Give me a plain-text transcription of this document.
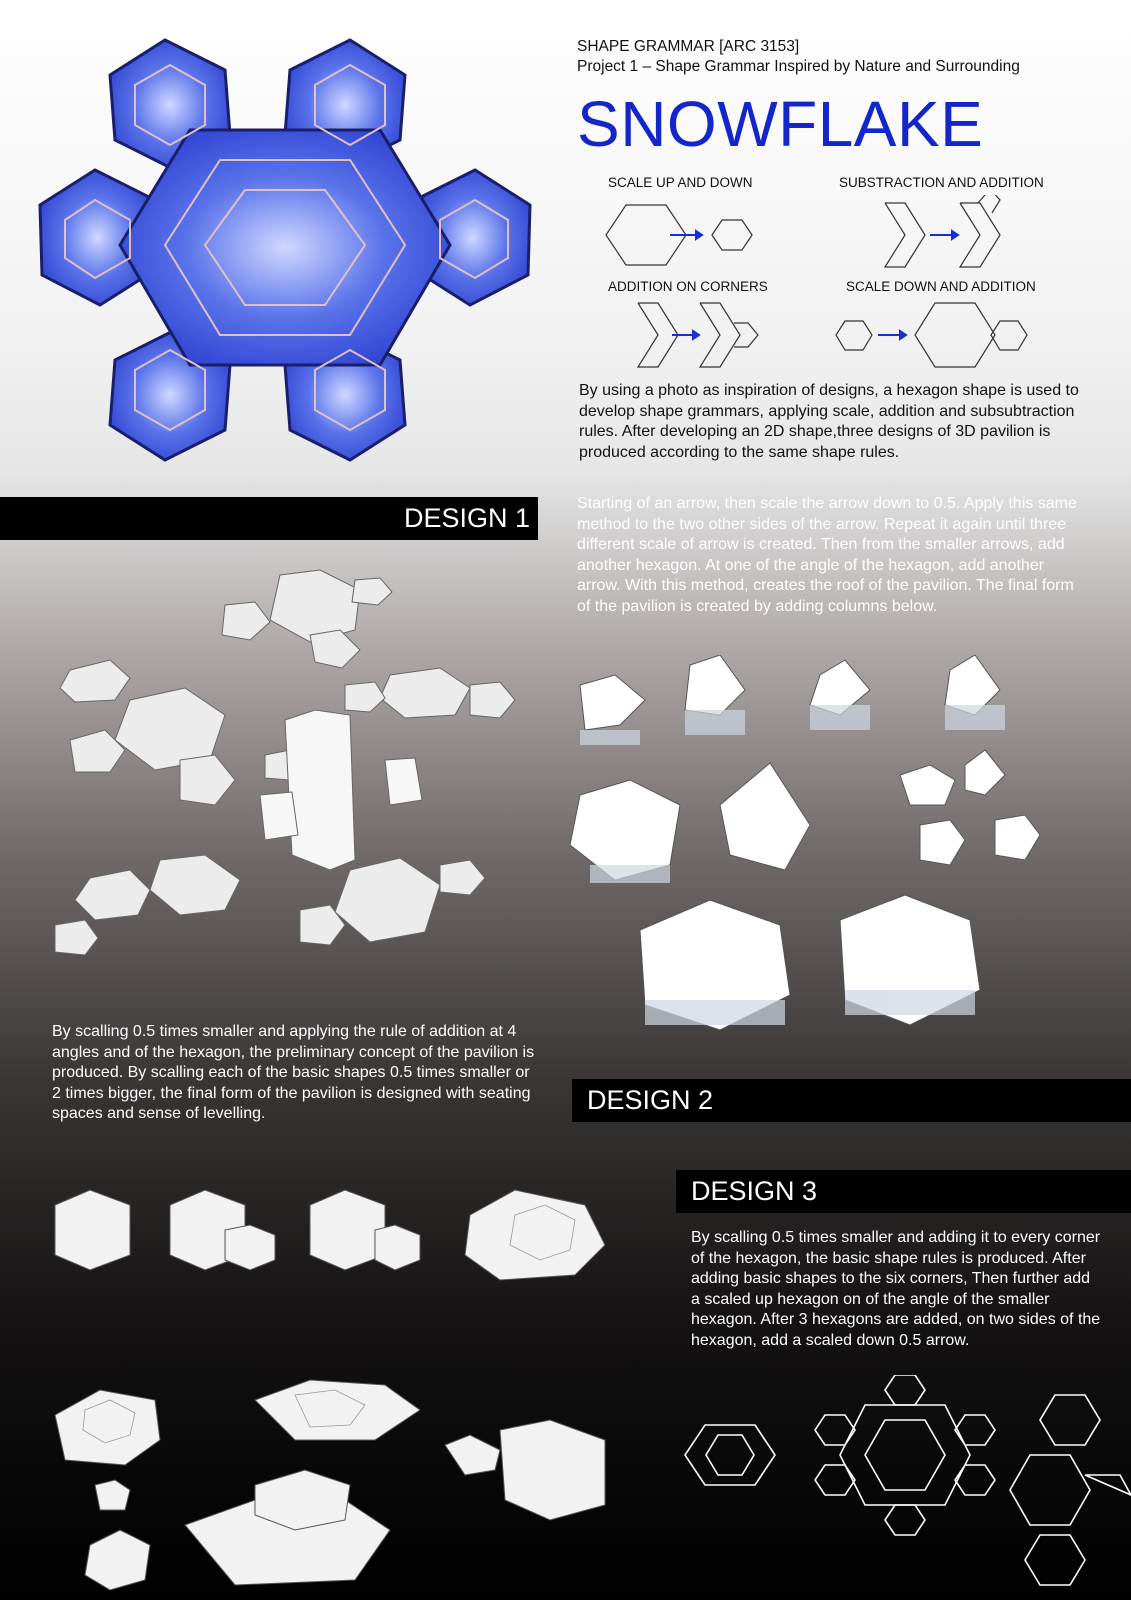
SHAPE GRAMMAR [ARC 3153]
Project 1 – Shape Grammar Inspired by Nature and Surrounding
SNOWFLAKE
SCALE UP AND DOWN	SUBSTRACTION AND ADDITION
ADDITION ON CORNERS	SCALE DOWN AND ADDITION
By using a photo as inspiration of designs, a hexagon shape is used to develop shape grammars, applying scale, addition and subsubtraction rules. After developing an 2D shape,three designs of 3D pavilion is produced according to the same shape rules.
DESIGN 1	Starting of an arrow, then scale the arrow down to 0.5. Apply this same method to the two other sides of the arrow. Repeat it again until three different scale of arrow is created. Then from the smaller arrows, add another hexagon. At one of the angle of the hexagon, add another arrow. With this method, creates the roof of the pavilion. The final form of the pavilion is created by adding columns below.
By scalling 0.5 times smaller and applying the rule of addition at 4 angles and of the hexagon, the preliminary concept of the pavilion is produced. By scalling each of the basic shapes 0.5 times smaller or 2 times bigger, the final form of the pavilion is designed with seating spaces and sense of levelling.	DESIGN 2
DESIGN 3
By scalling 0.5 times smaller and adding it to every corner of the hexagon, the basic shape rules is produced. After adding basic shapes to the six corners, Then further add a scaled up hexagon on of the angle of the smaller hexagon. After 3 hexagons are added, on two sides of the hexagon, add a scaled down 0.5 arrow.
